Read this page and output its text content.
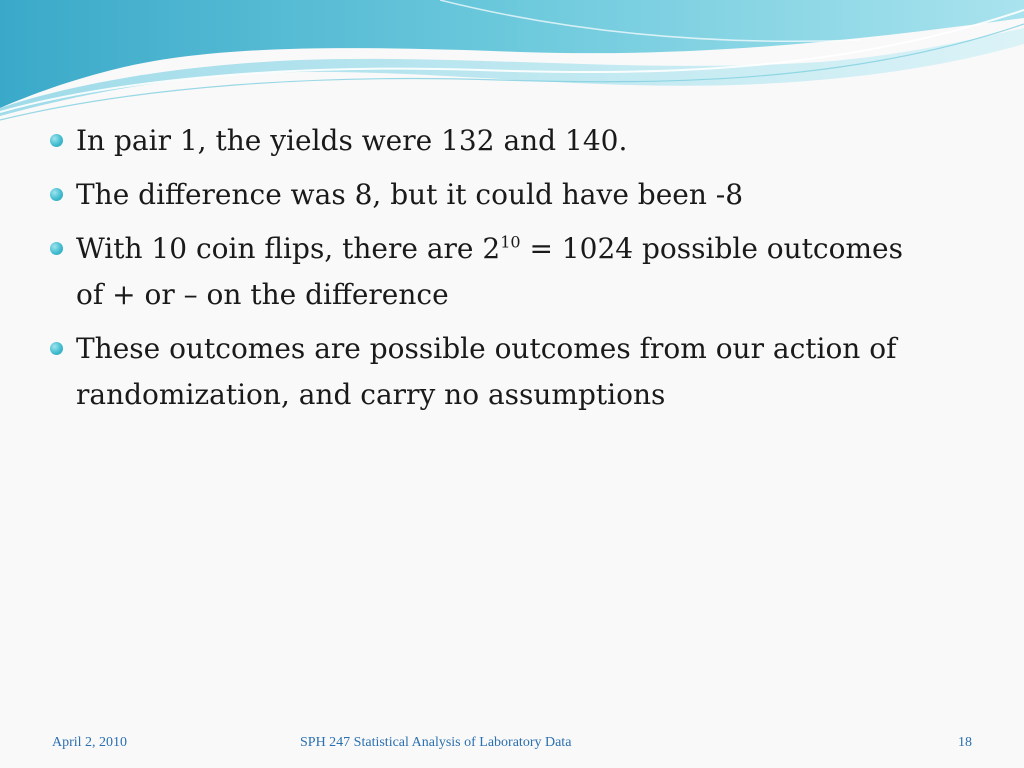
In pair 1, the yields were 132 and 140.
The difference was 8, but it could have been -8
With 10 coin flips, there are $2^{10} = 1024$ possible outcomes
of + or – on the difference
These outcomes are possible outcomes from our action of
randomization, and carry no assumptions
April 2, 2010	SPH 247 Statistical Analysis of Laboratory Data	18
